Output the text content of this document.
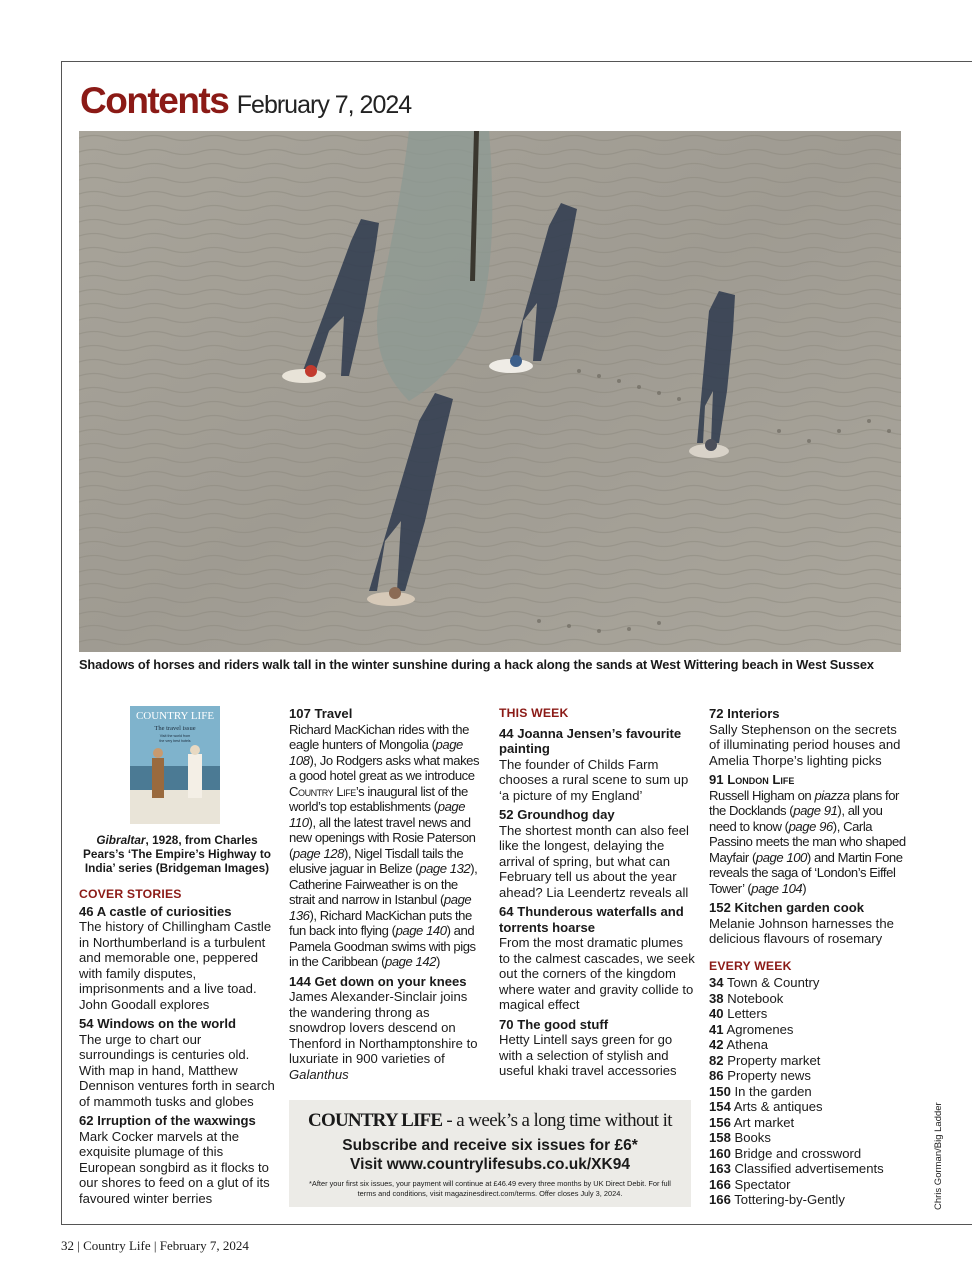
Contents February 7, 2024
Shadows of horses and riders walk tall in the winter sunshine during a hack along the sands at West Wittering beach in West Sussex
COUNTRY LIFE
The travel issue
Visit the world from
the very best hotels
Gibraltar, 1928, from Charles Pears’s ‘The Empire’s Highway to India’ series (Bridgeman Images)
COVER STORIES
46 A castle of curiosities
The history of Chillingham Castle in Northumberland is a turbulent and memorable one, peppered with family disputes, imprisonments and a live toad. John Goodall explores
54 Windows on the world
The urge to chart our surroundings is centuries old. With map in hand, Matthew Dennison ventures forth in search of mammoth tusks and globes
62 Irruption of the waxwings
Mark Cocker marvels at the exquisite plumage of this European songbird as it flocks to our shores to feed on a glut of its favoured winter berries
107 Travel
Richard MacKichan rides with the eagle hunters of Mongolia (page 108), Jo Rodgers asks what makes a good hotel great as we introduce Country Life’s inaugural list of the world’s top establishments (page 110), all the latest travel news and new openings with Rosie Paterson (page 128), Nigel Tisdall tails the elusive jaguar in Belize (page 132), Catherine Fairweather is on the strait and narrow in Istanbul (page 136), Richard MacKichan puts the fun back into flying (page 140) and Pamela Goodman swims with pigs in the Caribbean (page 142)
144 Get down on your knees
James Alexander-Sinclair joins the wandering throng as snowdrop lovers descend on Thenford in Northamptonshire to luxuriate in 900 varieties of Galanthus
THIS WEEK
44 Joanna Jensen’s favourite painting
The founder of Childs Farm chooses a rural scene to sum up ‘a picture of my England’
52 Groundhog day
The shortest month can also feel like the longest, delaying the arrival of spring, but what can February tell us about the year ahead? Lia Leendertz reveals all
64 Thunderous waterfalls and torrents hoarse
From the most dramatic plumes to the calmest cascades, we seek out the corners of the kingdom where water and gravity collide to magical effect
70 The good stuff
Hetty Lintell says green for go with a selection of stylish and useful khaki travel accessories
72 Interiors
Sally Stephenson on the secrets of illuminating period houses and Amelia Thorpe’s lighting picks
91 London Life
Russell Higham on piazza plans for the Docklands (page 91), all you need to know (page 96), Carla Passino meets the man who shaped Mayfair (page 100) and Martin Fone reveals the saga of ‘London’s Eiffel Tower’ (page 104)
152 Kitchen garden cook
Melanie Johnson harnesses the delicious flavours of rosemary
EVERY WEEK
34 Town & Country
38 Notebook
40 Letters
41 Agromenes
42 Athena
82 Property market
86 Property news
150 In the garden
154 Arts & antiques
156 Art market
158 Books
160 Bridge and crossword
163 Classified advertisements
166 Spectator
166 Tottering-by-Gently
COUNTRY LIFE - a week’s a long time without it
Subscribe and receive six issues for £6*
Visit www.countrylifesubs.co.uk/XK94
*After your first six issues, your payment will continue at £46.49 every three months by UK Direct Debit. For full terms and conditions, visit magazinesdirect.com/terms. Offer closes July 3, 2024.	Chris Gorman/Big Ladder
32 | Country Life | February 7, 2024
